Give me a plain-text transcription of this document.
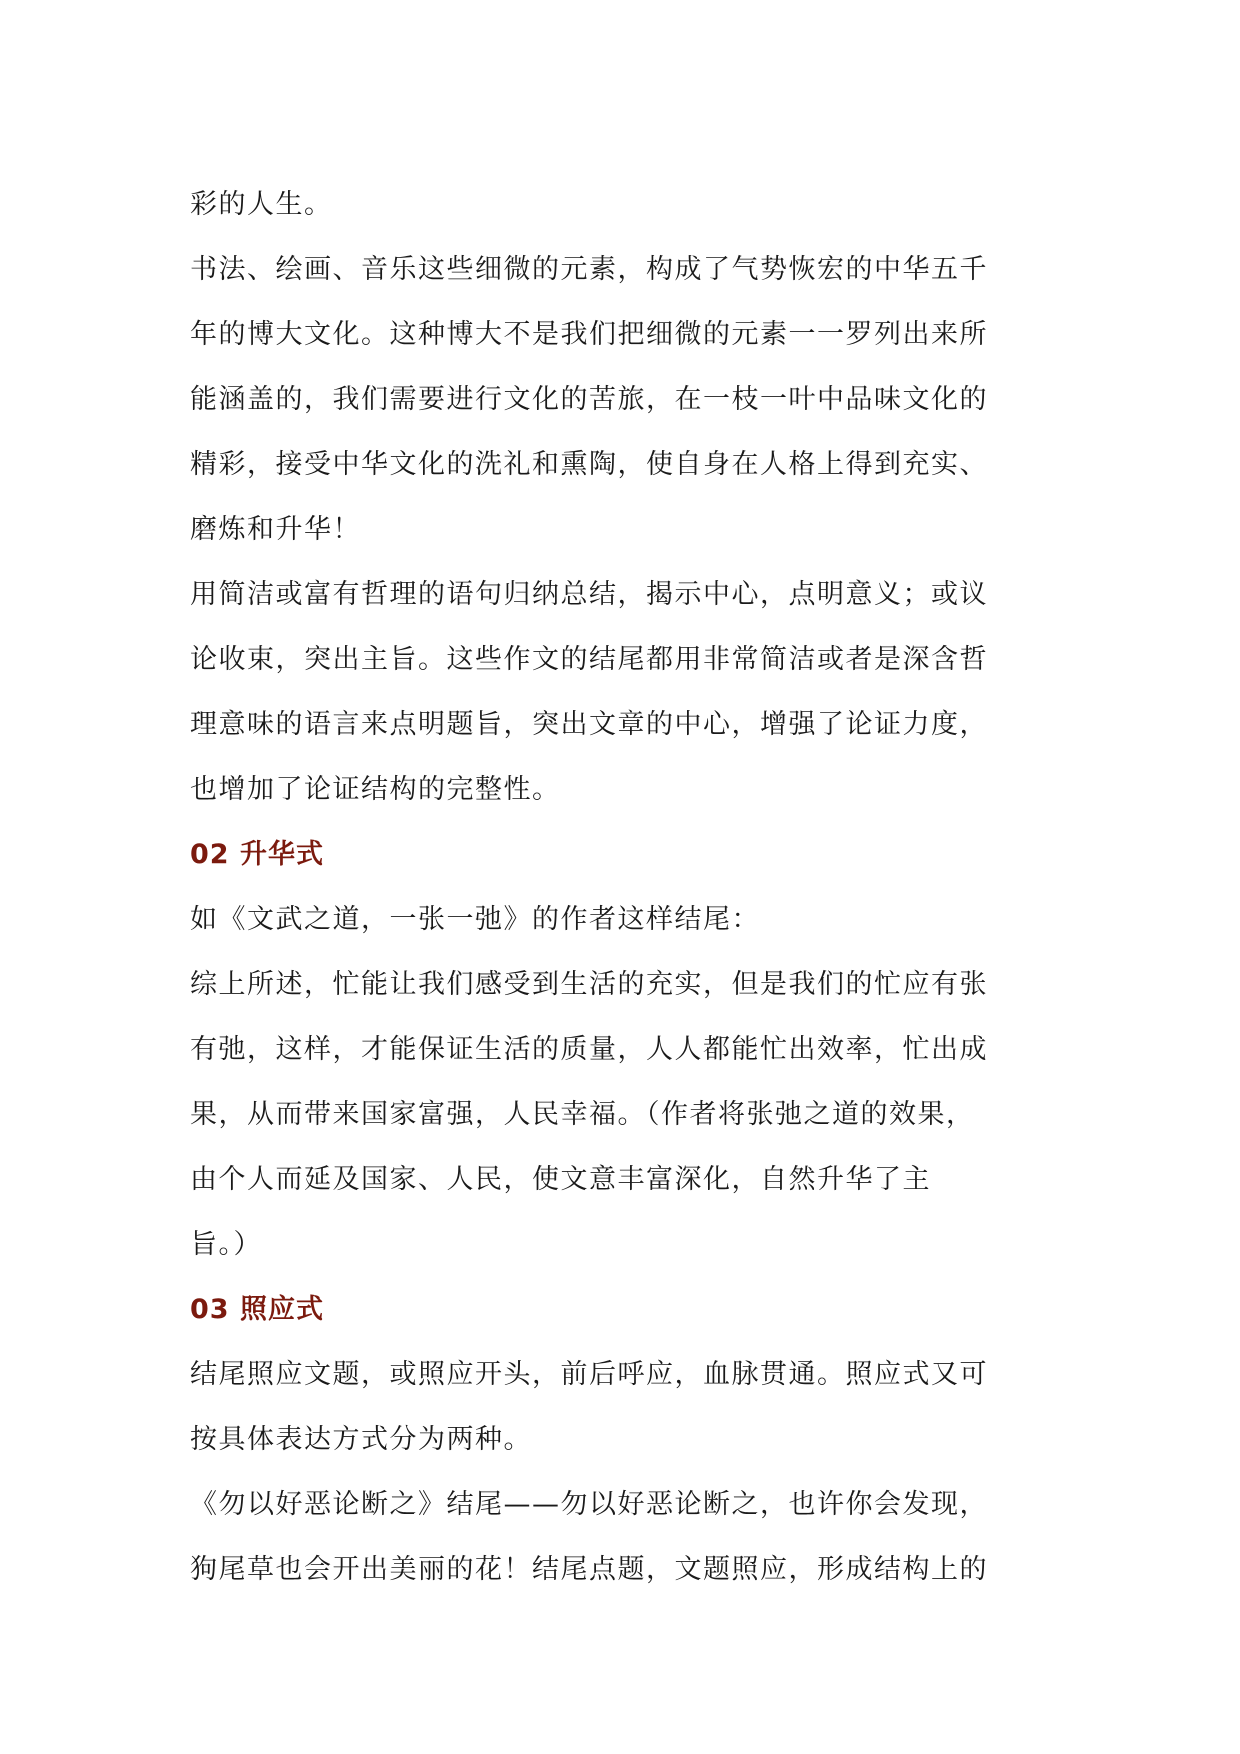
彩的人生。

书法、绘画、音乐这些细微的元素，构成了气势恢宏的中华五千
年的博大文化。这种博大不是我们把细微的元素一一罗列出来所
能涵盖的，我们需要进行文化的苦旅，在一枝一叶中品味文化的
精彩，接受中华文化的洗礼和熏陶，使自身在人格上得到充实、
磨炼和升华！

用简洁或富有哲理的语句归纳总结，揭示中心，点明意义；或议
论收束，突出主旨。这些作文的结尾都用非常简洁或者是深含哲
理意味的语言来点明题旨，突出文章的中心，增强了论证力度，
也增加了论证结构的完整性。

02 升华式

如《文武之道，一张一弛》的作者这样结尾：

综上所述，忙能让我们感受到生活的充实，但是我们的忙应有张
有弛，这样，才能保证生活的质量，人人都能忙出效率，忙出成
果，从而带来国家富强，人民幸福。（作者将张弛之道的效果，
由个人而延及国家、人民，使文意丰富深化，自然升华了主
旨。）

03 照应式

结尾照应文题，或照应开头，前后呼应，血脉贯通。照应式又可
按具体表达方式分为两种。

《勿以好恶论断之》结尾——勿以好恶论断之，也许你会发现，
狗尾草也会开出美丽的花！结尾点题，文题照应，形成结构上的
